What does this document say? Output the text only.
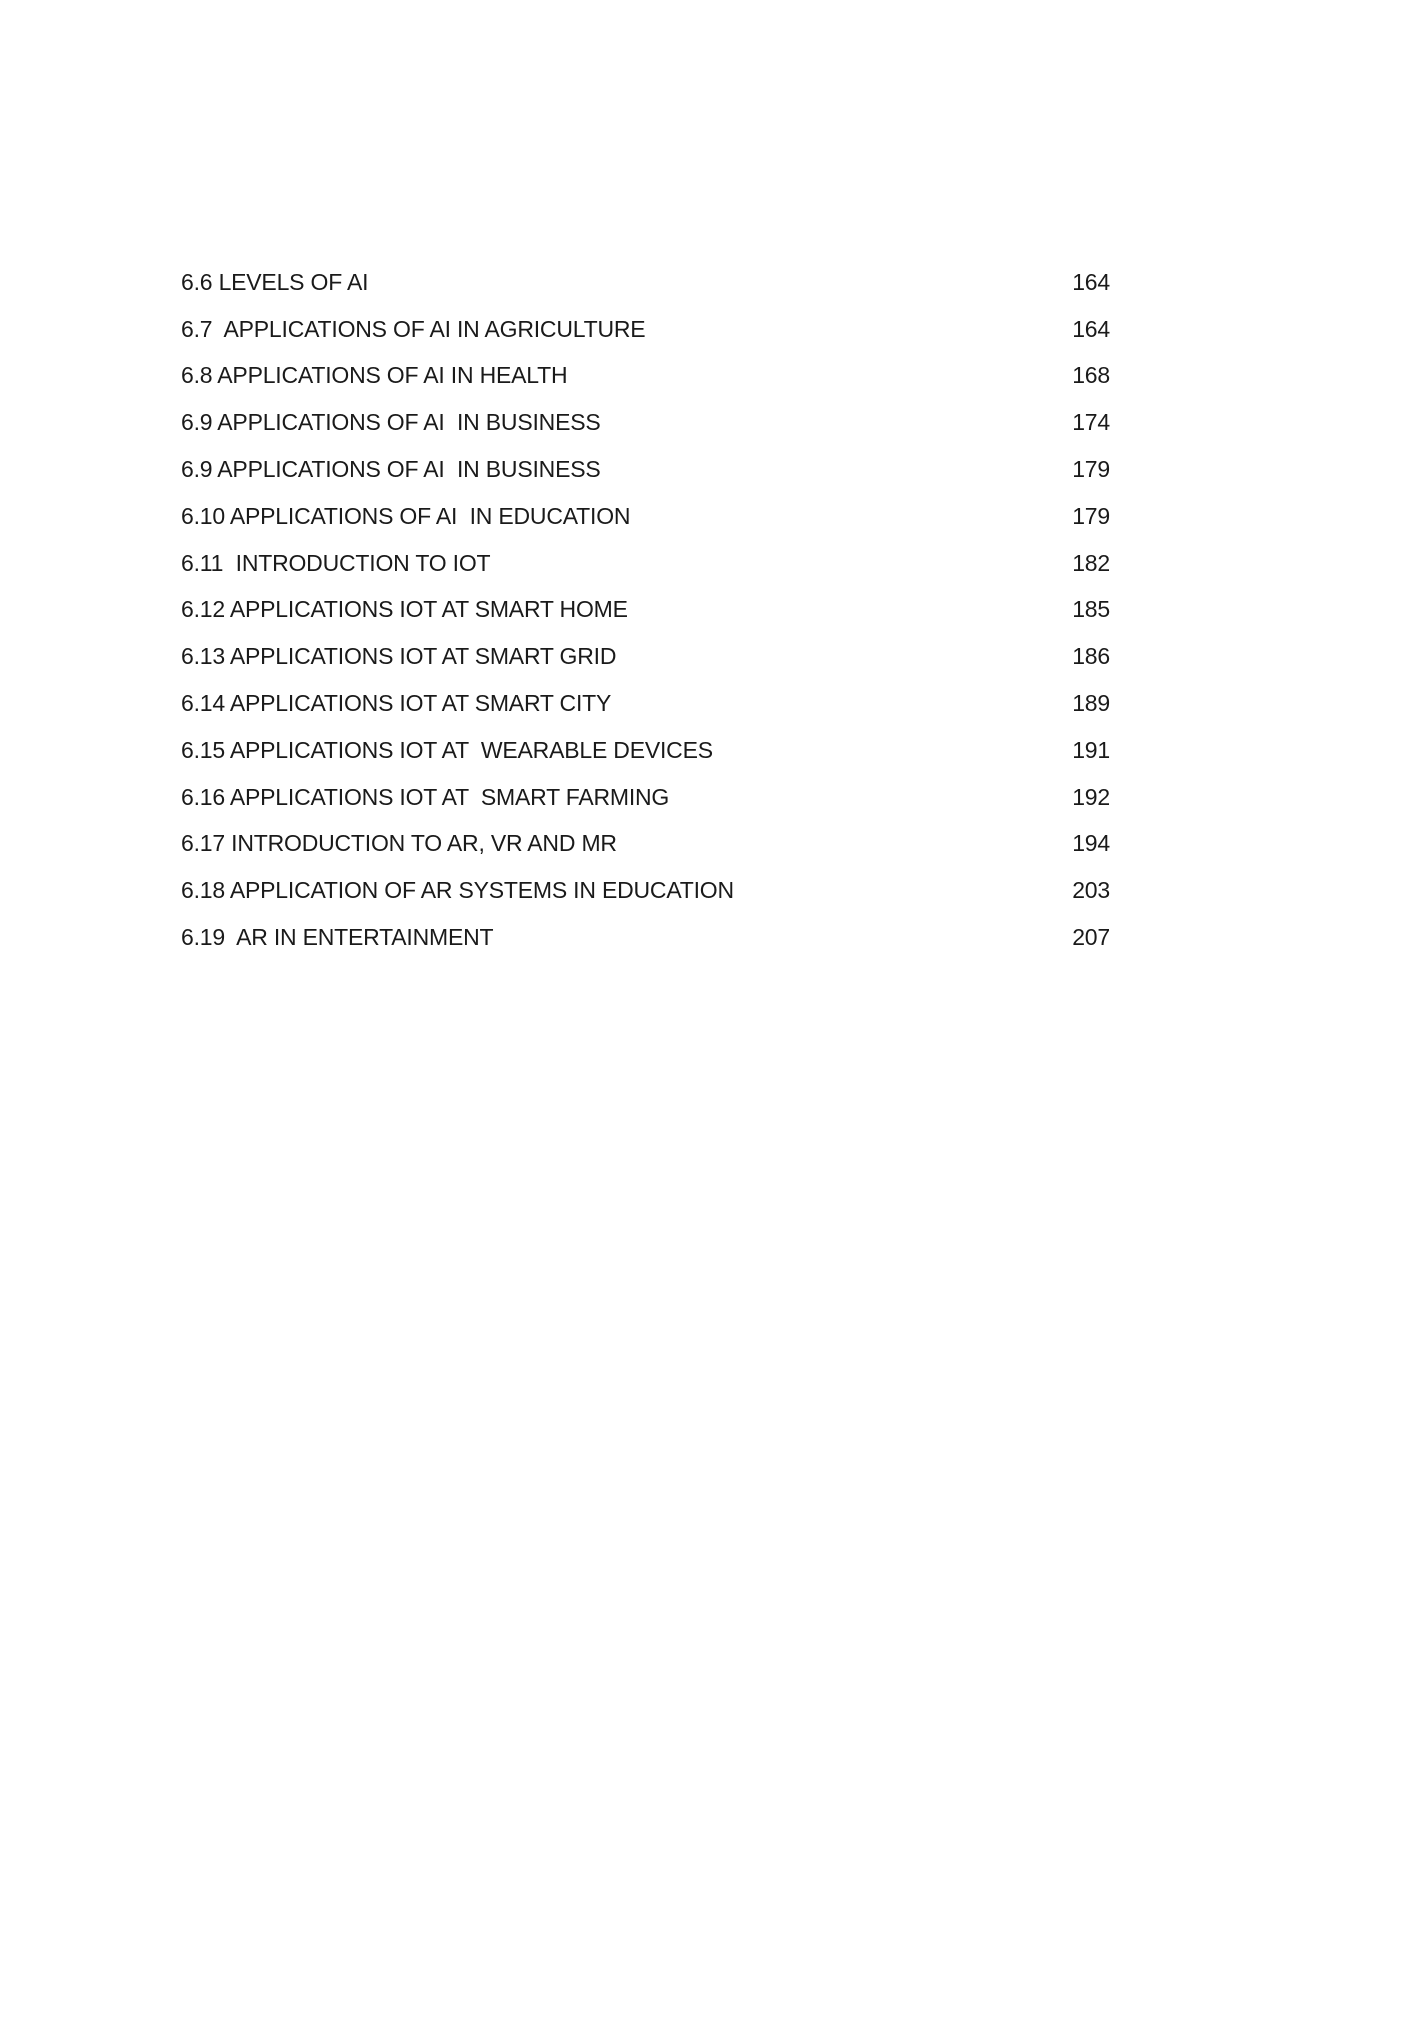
6.6 LEVELS OF AI	164
6.7  APPLICATIONS OF AI IN AGRICULTURE	164
6.8 APPLICATIONS OF AI IN HEALTH	168
6.9 APPLICATIONS OF AI  IN BUSINESS	174
6.9 APPLICATIONS OF AI  IN BUSINESS	179
6.10 APPLICATIONS OF AI  IN EDUCATION	179
6.11  INTRODUCTION TO IOT	182
6.12 APPLICATIONS IOT AT SMART HOME	185
6.13 APPLICATIONS IOT AT SMART GRID	186
6.14 APPLICATIONS IOT AT SMART CITY	189
6.15 APPLICATIONS IOT AT  WEARABLE DEVICES	191
6.16 APPLICATIONS IOT AT  SMART FARMING	192
6.17 INTRODUCTION TO AR, VR AND MR	194
6.18 APPLICATION OF AR SYSTEMS IN EDUCATION	203
6.19  AR IN ENTERTAINMENT	207
